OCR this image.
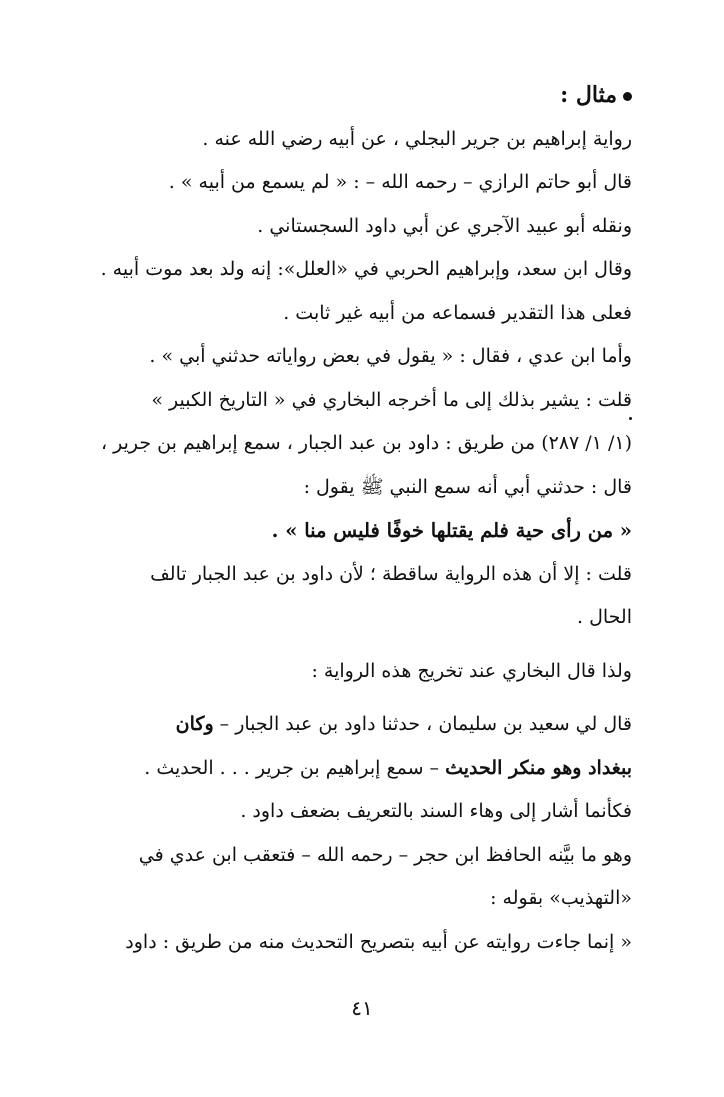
مثال :
رواية إبراهيم بن جرير البجلي ، عن أبيه رضي الله عنه .
قال أبو حاتم الرازي – رحمه الله – : « لم يسمع من أبيه » .
ونقله أبو عبيد الآجري عن أبي داود السجستاني .
وقال ابن سعد، وإبراهيم الحربي في «العلل»: إنه ولد بعد موت أبيه .
فعلى هذا التقدير فسماعه من أبيه غير ثابت .
وأما ابن عدي ، فقال : « يقول في بعض رواياته حدثني أبي » .
قلت : يشير بذلك إلى ما أخرجه البخاري في « التاريخ الكبير »
(١/ ١/ ٢٨٧) من طريق : داود بن عبد الجبار ، سمع إبراهيم بن جرير ،
قال : حدثني أبي أنه سمع النبي ﷺ يقول :
« من رأى حية فلم يقتلها خوفًا فليس منا » .
قلت : إلا أن هذه الرواية ساقطة ؛ لأن داود بن عبد الجبار تالف
الحال .
ولذا قال البخاري عند تخريج هذه الرواية :
قال لي سعيد بن سليمان ، حدثنا داود بن عبد الجبار – وكان
ببغداد وهو منكر الحديث – سمع إبراهيم بن جرير . . . الحديث .
فكأنما أشار إلى وهاء السند بالتعريف بضعف داود .
وهو ما بيَّنه الحافظ ابن حجر – رحمه الله – فتعقب ابن عدي في
«التهذيب» بقوله :
« إنما جاءت روايته عن أبيه بتصريح التحديث منه من طريق : داود
٤١
